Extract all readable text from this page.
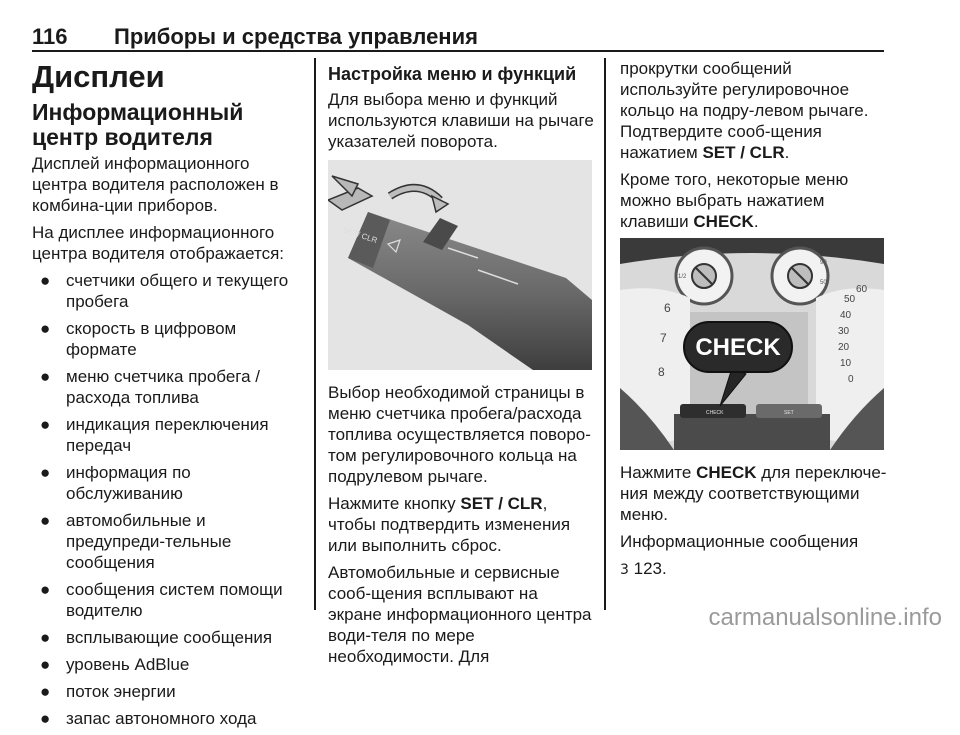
116 Приборы и средства управления
Дисплеи
Информационный центр водителя

Дисплей информационного центра водителя расположен в комбина-ции приборов.

На дисплее информационного центра водителя отображается:

● счетчики общего и текущего пробега
● скорость в цифровом формате
● меню счетчика пробега / расхода топлива
● индикация переключения передач
● информация по обслуживанию
● автомобильные и предупреди-тельные сообщения
● сообщения систем помощи водителю
● всплывающие сообщения
● уровень AdBlue
● поток энергии
● запас автономного хода
Настройка меню и функций

Для выбора меню и функций используются клавиши на рычаге указателей поворота.

SET/ CLR

Выбор необходимой страницы в меню счетчика пробега/расхода топлива осуществляется поворо-том регулировочного кольца на подрулевом рычаге.

Нажмите кнопку SET / CLR, чтобы подтвердить изменения или выполнить сброс.

Автомобильные и сервисные сооб-щения всплывают на экране информационного центра води-теля по мере необходимости. Для

прокрутки сообщений используйте регулировочное кольцо на подру-левом рычаге. Подтвердите сооб-щения нажатием SET / CLR.

Кроме того, некоторые меню можно выбрать нажатием клавиши CHECK.

1/2
90
50
6
7
8
60
50
40
30
20
10
0
CHECK	SET
CHECK

Нажмите CHECK для переключе-ния между соответствующими меню.

Информационные сообщения

3 123.

carmanualsonline.info
